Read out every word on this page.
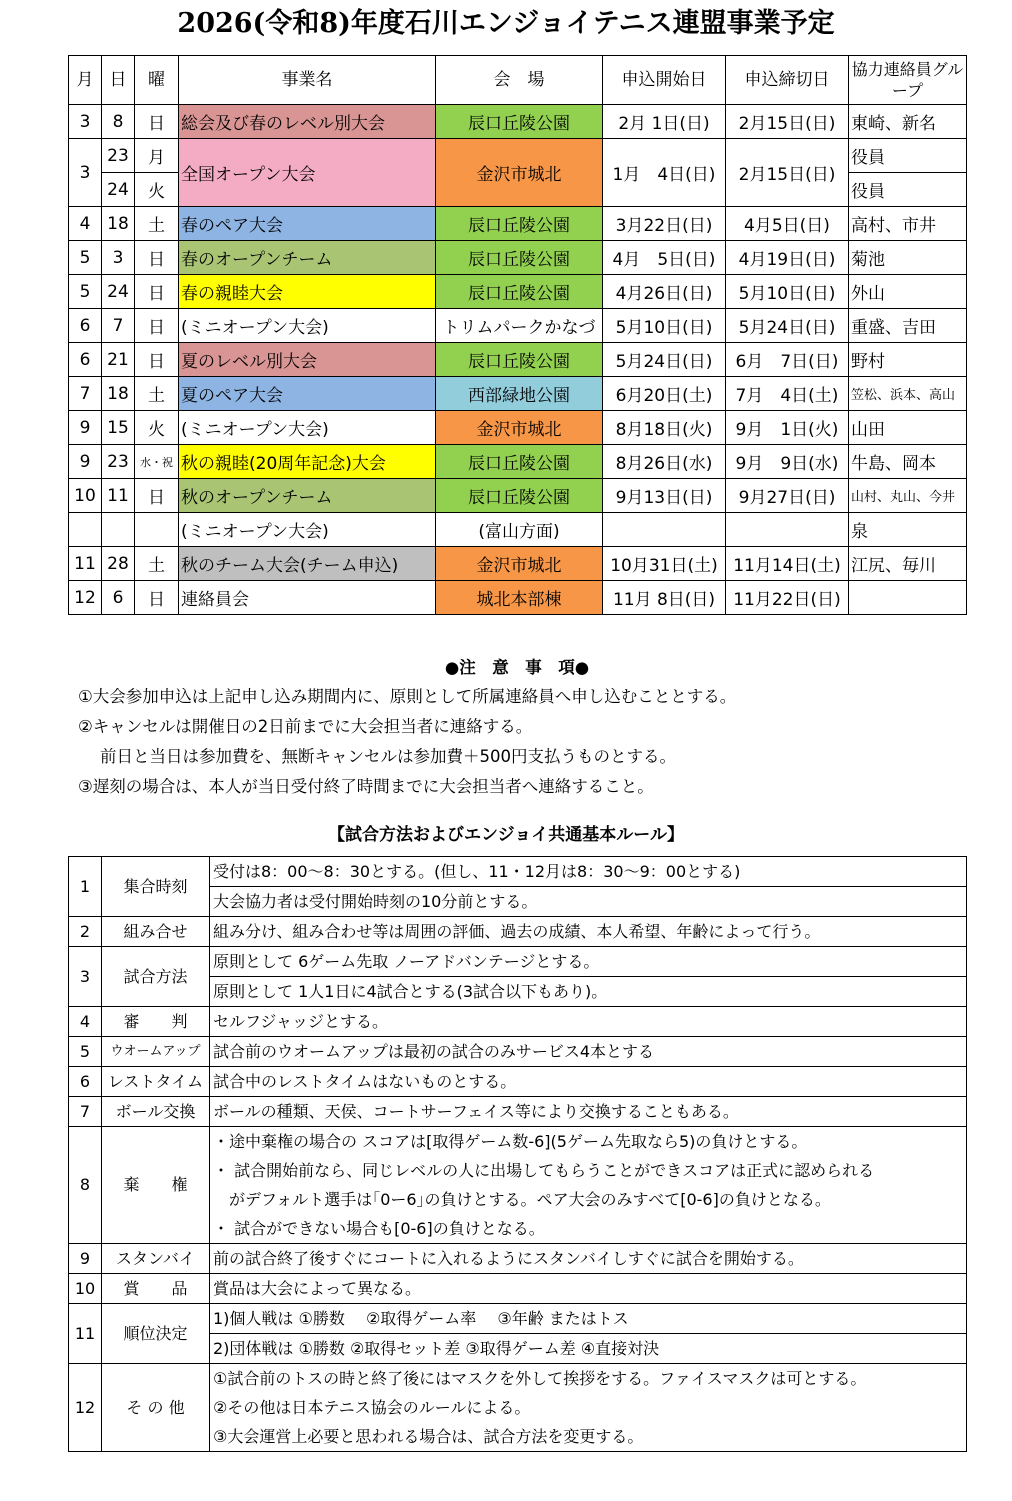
2026(令和8)年度石川エンジョイテニス連盟事業予定
月	日	曜	事業名	会　場	申込開始日	申込締切日	協力連絡員グループ
3	8	日	総会及び春のレベル別大会	辰口丘陵公園	2月 1日(日)	2月15日(日)	東崎、新名
3	23	月	全国オープン大会	金沢市城北	1月　4日(日)	2月15日(日)	役員
	24	火					役員
4	18	土	春のペア大会	辰口丘陵公園	3月22日(日)	4月5日(日)	高村、市井
5	3	日	春のオープンチーム	辰口丘陵公園	4月　5日(日)	4月19日(日)	菊池
5	24	日	春の親睦大会	辰口丘陵公園	4月26日(日)	5月10日(日)	外山
6	7	日	(ミニオープン大会)	トリムパークかなづ	5月10日(日)	5月24日(日)	重盛、吉田
6	21	日	夏のレベル別大会	辰口丘陵公園	5月24日(日)	6月　7日(日)	野村
7	18	土	夏のペア大会	西部緑地公園	6月20日(土)	7月　4日(土)	笠松、浜本、高山
9	15	火	(ミニオープン大会)	金沢市城北	8月18日(火)	9月　1日(火)	山田
9	23	水・祝	秋の親睦(20周年記念)大会	辰口丘陵公園	8月26日(水)	9月　9日(水)	牛島、岡本
10	11	日	秋のオープンチーム	辰口丘陵公園	9月13日(日)	9月27日(日)	山村、丸山、今井
			(ミニオープン大会)	(富山方面)			泉
11	28	土	秋のチーム大会(チーム申込)	金沢市城北	10月31日(土)	11月14日(土)	江尻、毎川
12	6	日	連絡員会	城北本部棟	11月 8日(日)	11月22日(日)	
●注　意　事　項●
①大会参加申込は上記申し込み期間内に、原則として所属連絡員へ申し込むこととする。
②キャンセルは開催日の2日前までに大会担当者に連絡する。
前日と当日は参加費を、無断キャンセルは参加費＋500円支払うものとする。
③遅刻の場合は、本人が当日受付終了時間までに大会担当者へ連絡すること。
【試合方法およびエンジョイ共通基本ルール】
1	集合時刻	受付は8：00～8：30とする。(但し、11・12月は8：30～9：00とする)
大会協力者は受付開始時刻の10分前とする。

2	組み合せ	組み分け、組み合わせ等は周囲の評価、過去の成績、本人希望、年齢によって行う。

3	試合方法	原則として 6ゲーム先取 ノーアドバンテージとする。
原則として 1人1日に4試合とする(3試合以下もあり)。

4	審　　判	セルフジャッジとする。

5	ウオームアップ	試合前のウオームアップは最初の試合のみサービス4本とする

6	レストタイム	試合中のレストタイムはないものとする。

7	ボール交換	ボールの種類、天侯、コートサーフェイス等により交換することもある。

8	棄　　権	・途中棄権の場合の スコアは[取得ゲーム数-6](5ゲーム先取なら5)の負けとする。
・ 試合開始前なら、同じレベルの人に出場してもらうことができスコアは正式に認められる
　がデフォルト選手は｢0ー6｣の負けとする。ペア大会のみすべて[0-6]の負けとなる。
・ 試合ができない場合も[0-6]の負けとなる。

9	スタンバイ	前の試合終了後すぐにコートに入れるようにスタンバイしすぐに試合を開始する。

10	賞　　品	賞品は大会によって異なる。

11	順位決定	1)個人戦は ①勝数　 ②取得ゲーム率　 ③年齢 またはトス
2)団体戦は ①勝数 ②取得セット差 ③取得ゲーム差 ④直接対決

12	そ の 他	①試合前のトスの時と終了後にはマスクを外して挨拶をする。ファイスマスクは可とする。
②その他は日本テニス協会のルールによる。
③大会運営上必要と思われる場合は、試合方法を変更する。
